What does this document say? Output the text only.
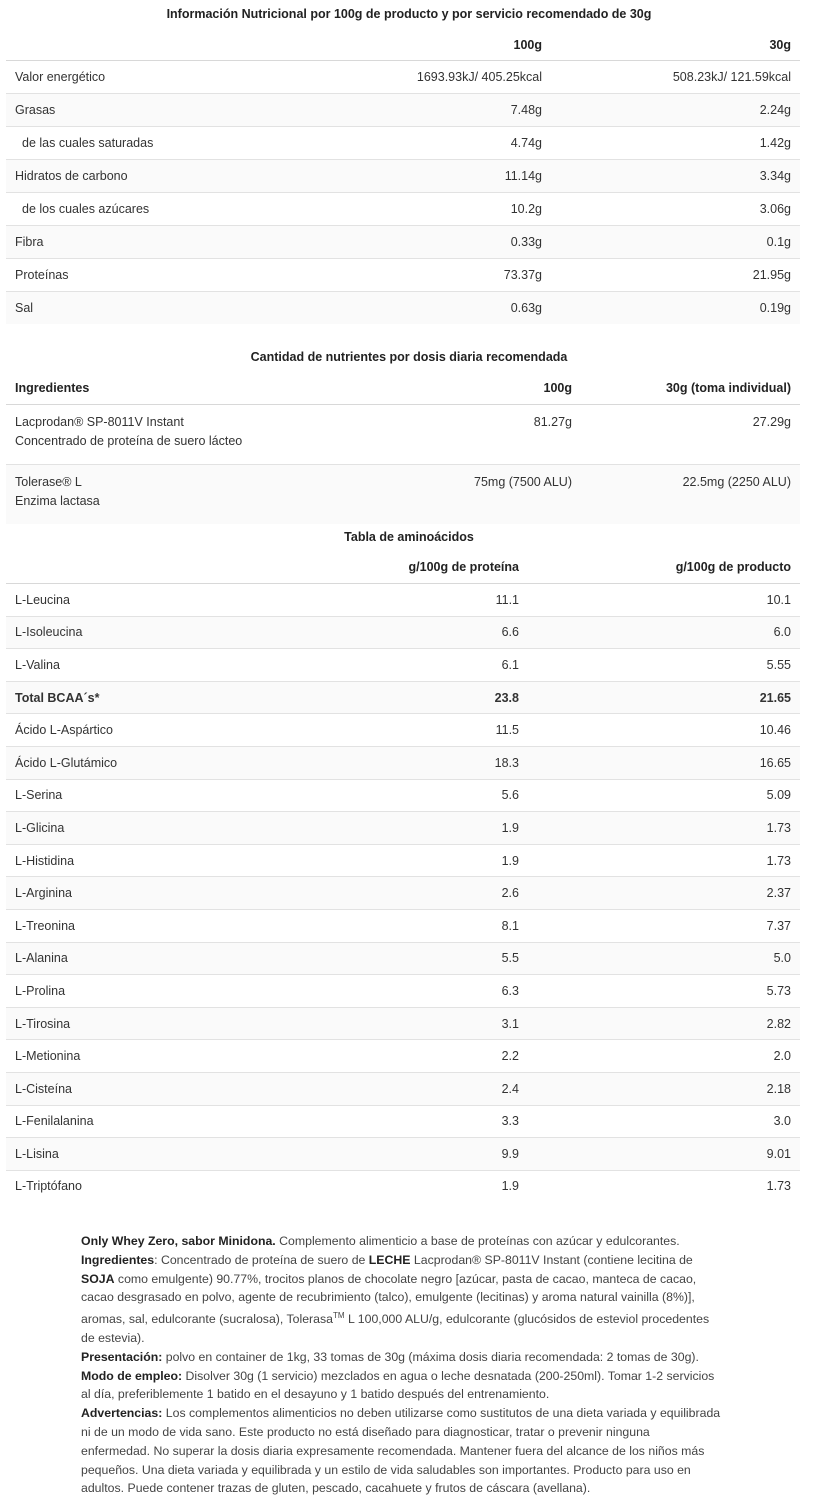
Información Nutricional por 100g de producto y por servicio recomendado de 30g
	100g	30g
Valor energético	1693.93kJ/ 405.25kcal	508.23kJ/ 121.59kcal
Grasas	7.48g	2.24g
de las cuales saturadas	4.74g	1.42g
Hidratos de carbono	11.14g	3.34g
de los cuales azúcares	10.2g	3.06g
Fibra	0.33g	0.1g
Proteínas	73.37g	21.95g
Sal	0.63g	0.19g
Cantidad de nutrientes por dosis diaria recomendada
Ingredientes	100g	30g (toma individual)

Lacprodan® SP-8011V Instant
Concentrado de proteína de suero lácteo	81.27g	27.29g

Tolerase® L
Enzima lactasa	75mg (7500 ALU)	22.5mg (2250 ALU)
Tabla de aminoácidos
	g/100g de proteína	g/100g de producto
L-Leucina	11.1	10.1
L-Isoleucina	6.6	6.0
L-Valina	6.1	5.55
Total BCAA´s*	23.8	21.65
Ácido L-Aspártico	11.5	10.46
Ácido L-Glutámico	18.3	16.65
L-Serina	5.6	5.09
L-Glicina	1.9	1.73
L-Histidina	1.9	1.73
L-Arginina	2.6	2.37
L-Treonina	8.1	7.37
L-Alanina	5.5	5.0
L-Prolina	6.3	5.73
L-Tirosina	3.1	2.82
L-Metionina	2.2	2.0
L-Cisteína	2.4	2.18
L-Fenilalanina	3.3	3.0
L-Lisina	9.9	9.01
L-Triptófano	1.9	1.73

Only Whey Zero, sabor Minidona. Complemento alimenticio a base de proteínas con azúcar y edulcorantes.

Ingredientes: Concentrado de proteína de suero de LECHE Lacprodan® SP-8011V Instant (contiene lecitina de SOJA como emulgente) 90.77%, trocitos planos de chocolate negro [azúcar, pasta de cacao, manteca de cacao, cacao desgrasado en polvo, agente de recubrimiento (talco), emulgente (lecitinas) y aroma natural vainilla (8%)], aromas, sal, edulcorante (sucralosa), Tolerasa™ L 100,000 ALU/g, edulcorante (glucósidos de esteviol procedentes de estevia).

Presentación: polvo en container de 1kg, 33 tomas de 30g (máxima dosis diaria recomendada: 2 tomas de 30g).

Modo de empleo: Disolver 30g (1 servicio) mezclados en agua o leche desnatada (200-250ml). Tomar 1-2 servicios al día, preferiblemente 1 batido en el desayuno y 1 batido después del entrenamiento.

Advertencias: Los complementos alimenticios no deben utilizarse como sustitutos de una dieta variada y equilibrada ni de un modo de vida sano. Este producto no está diseñado para diagnosticar, tratar o prevenir ninguna enfermedad. No superar la dosis diaria expresamente recomendada. Mantener fuera del alcance de los niños más pequeños. Una dieta variada y equilibrada y un estilo de vida saludables son importantes. Producto para uso en adultos. Puede contener trazas de gluten, pescado, cacahuete y frutos de cáscara (avellana).
